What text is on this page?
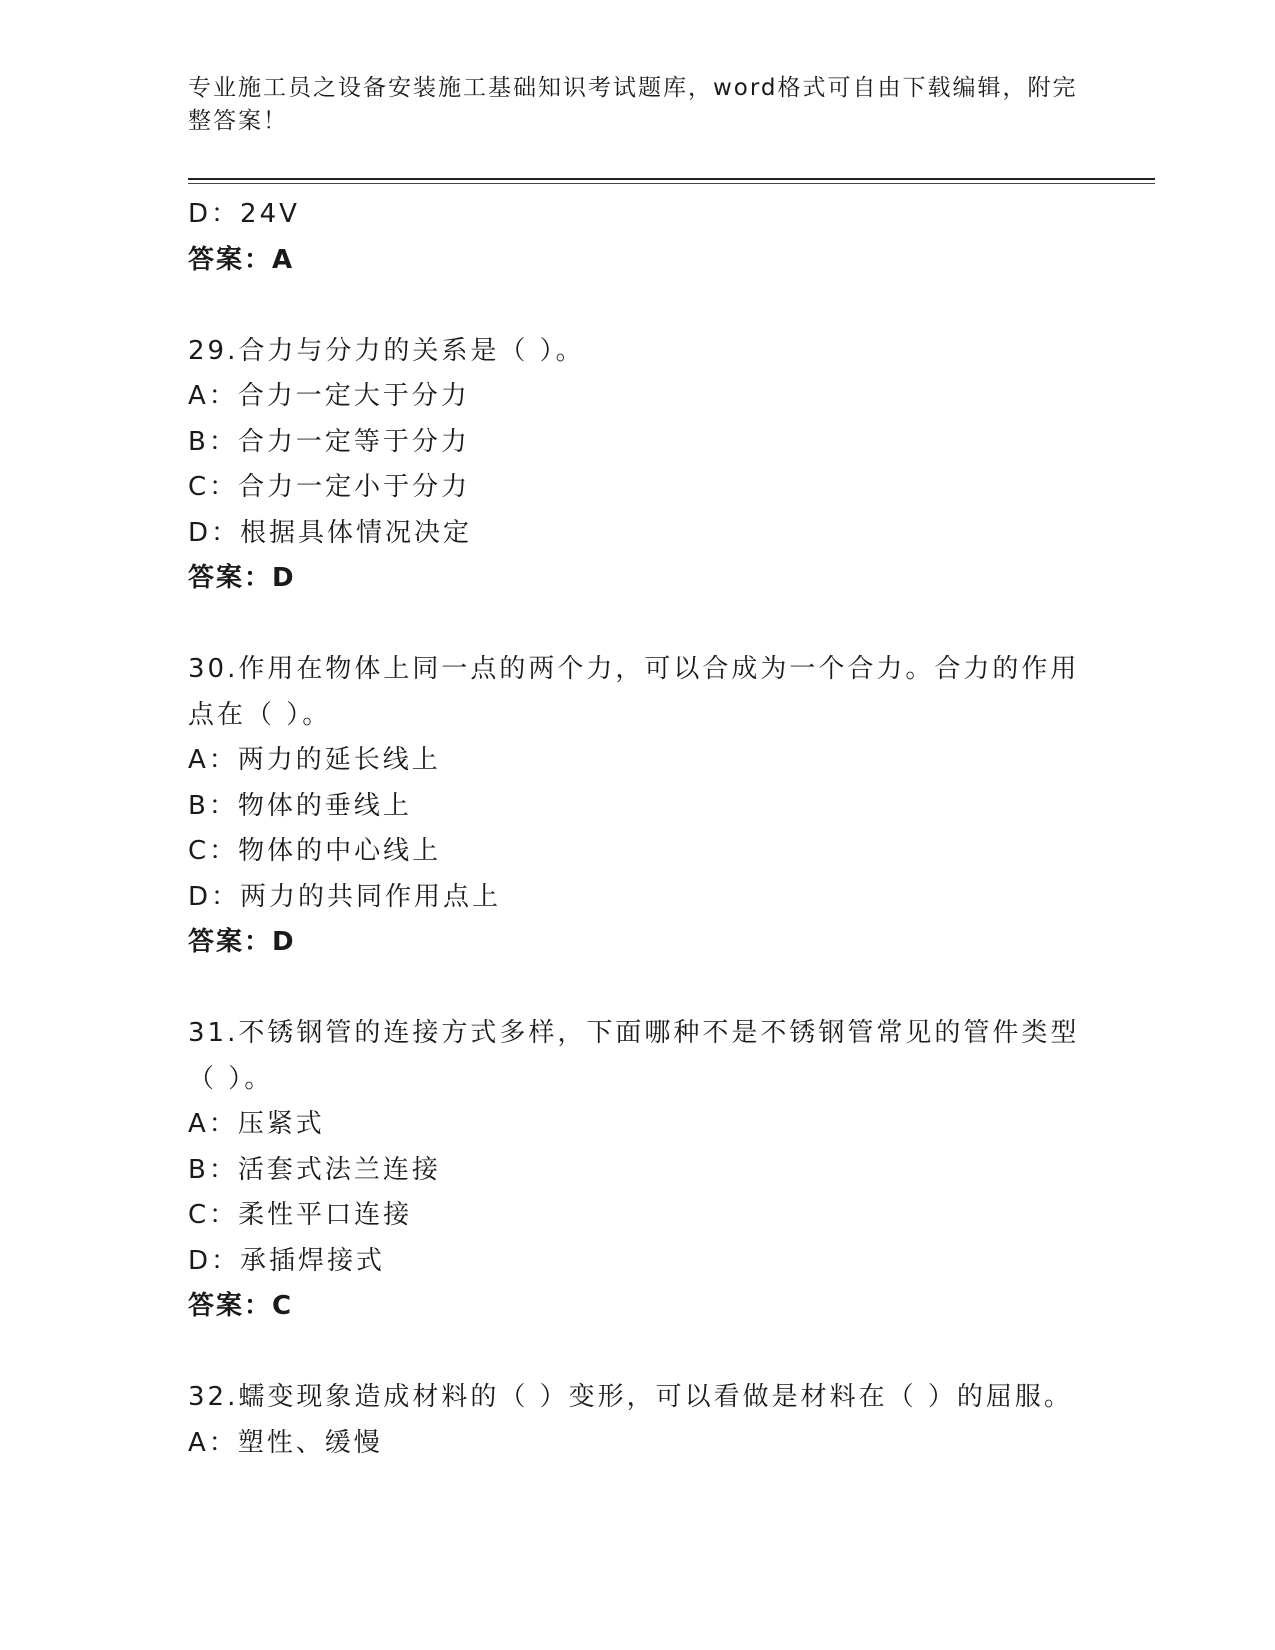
专业施工员之设备安装施工基础知识考试题库，word格式可自由下载编辑，附完整答案！
D：24V
答案：A
29.合力与分力的关系是（ ）。
A：合力一定大于分力
B：合力一定等于分力
C：合力一定小于分力
D：根据具体情况决定
答案：D
30.作用在物体上同一点的两个力，可以合成为一个合力。合力的作用点在（ ）。
A：两力的延长线上
B：物体的垂线上
C：物体的中心线上
D：两力的共同作用点上
答案：D
31.不锈钢管的连接方式多样，下面哪种不是不锈钢管常见的管件类型（ ）。
A：压紧式
B：活套式法兰连接
C：柔性平口连接
D：承插焊接式
答案：C
32.蠕变现象造成材料的（ ）变形，可以看做是材料在（ ）的屈服。
A：塑性、缓慢
